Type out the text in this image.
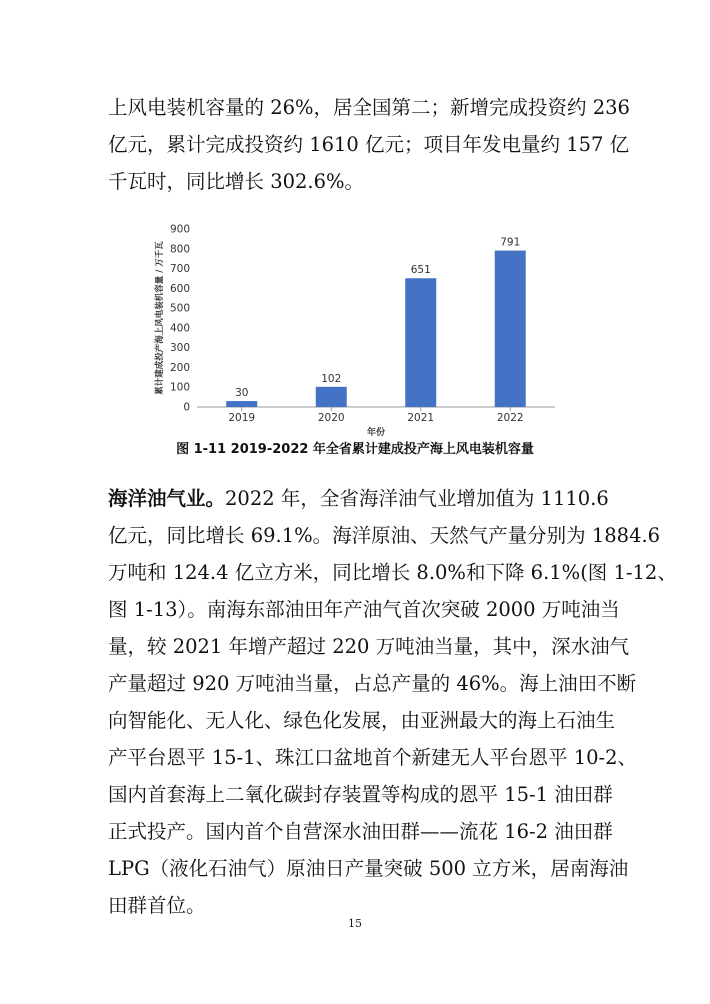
上风电装机容量的 26%，居全国第二；新增完成投资约 236
亿元，累计完成投资约 1610 亿元；项目年发电量约 157 亿
千瓦时，同比增长 302.6%。
0
100
200
300
400
500
600
700
800
900
30
2019
102
2020
651
2021
791
2022
年份
累计建成投产海上风电装机容量 / 万千瓦
图 1-11 2019-2022 年全省累计建成投产海上风电装机容量
海洋油气业。2022 年，全省海洋油气业增加值为 1110.6
亿元，同比增长 69.1%。海洋原油、天然气产量分别为 1884.6
万吨和 124.4 亿立方米，同比增长 8.0%和下降 6.1%(图 1-12、
图 1-13）。南海东部油田年产油气首次突破 2000 万吨油当
量，较 2021 年增产超过 220 万吨油当量，其中，深水油气
产量超过 920 万吨油当量，占总产量的 46%。海上油田不断
向智能化、无人化、绿色化发展，由亚洲最大的海上石油生
产平台恩平 15-1、珠江口盆地首个新建无人平台恩平 10-2、
国内首套海上二氧化碳封存装置等构成的恩平 15-1 油田群
正式投产。国内首个自营深水油田群——流花 16-2 油田群
LPG（液化石油气）原油日产量突破 500 立方米，居南海油
田群首位。
15
